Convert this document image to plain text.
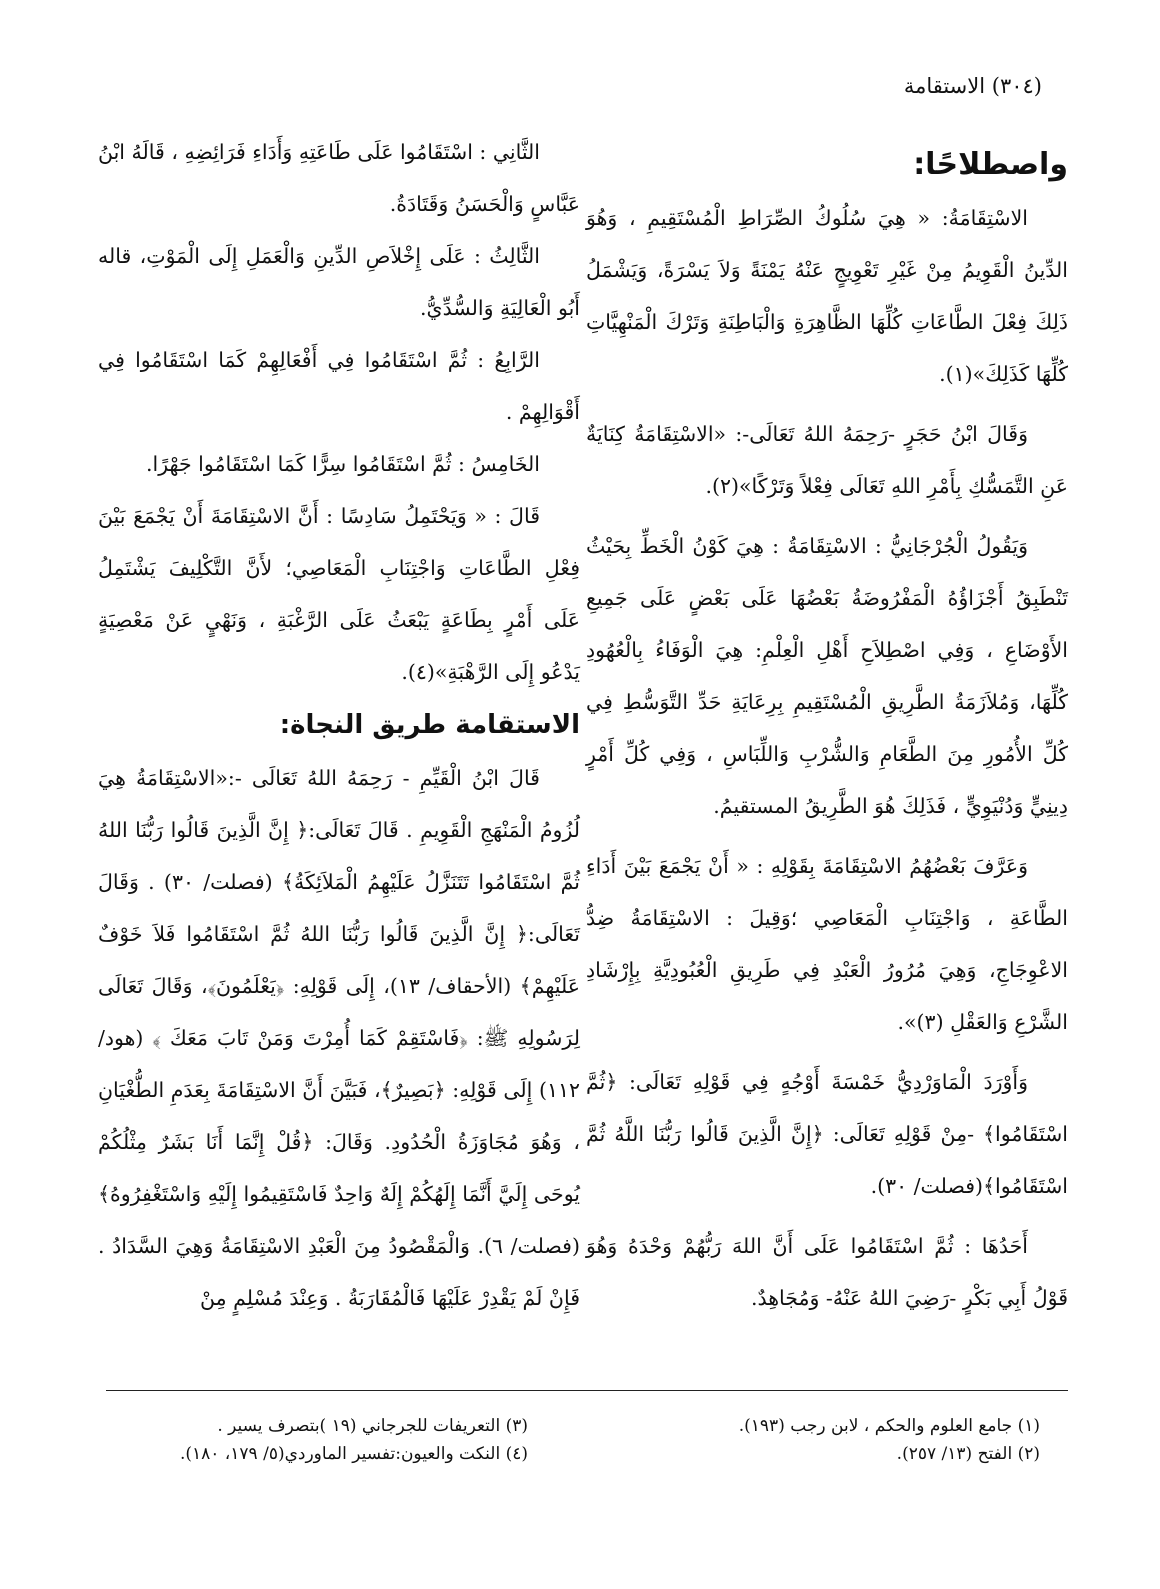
(٣٠٤) الاستقامة
واصطلاحًا:

الاسْتِقَامَةُ: « هِيَ سُلُوكُ الصِّرَاطِ الْمُسْتَقِيمِ ، وَهُوَ الدِّينُ الْقَوِيمُ مِنْ غَيْرِ تَعْوِيجٍ عَنْهُ يَمْنَةً وَلاَ يَسْرَةً، وَيَشْمَلُ ذَلِكَ فِعْلَ الطَّاعَاتِ كُلِّهَا الظَّاهِرَةِ وَالْبَاطِنَةِ وَتَرْكَ الْمَنْهِيَّاتِ كُلِّهَا كَذَلِكَ»(١).

وَقَالَ ابْنُ حَجَرٍ -رَحِمَهُ اللهُ تَعَالَى-: «الاسْتِقَامَةُ كِنَايَةٌ عَنِ التَّمَسُّكِ بِأَمْرِ اللهِ تَعَالَى فِعْلاً وَتَرْكًا»(٢).

وَيَقُولُ الْجُرْجَانِيُّ : الاسْتِقَامَةُ : هِيَ كَوْنُ الْخَطِّ بِحَيْثُ تَنْطَبِقُ أَجْزَاؤُهُ الْمَفْرُوضَةُ بَعْضُهَا عَلَى بَعْضٍ عَلَى جَمِيعِ الأَوْضَاعِ ، وَفِي اصْطِلاَحِ أَهْلِ الْعِلْمِ: هِيَ الْوَفَاءُ بِالْعُهُودِ كُلِّهَا، وَمُلاَزَمَةُ الطَّرِيقِ الْمُسْتَقِيمِ بِرِعَايَةِ حَدِّ التَّوَسُّطِ فِي كُلِّ الأُمُورِ مِنَ الطَّعَامِ وَالشُّرْبِ وَاللِّبَاسِ ، وَفِي كُلِّ أَمْرٍ دِينِيٍّ وَدُنْيَوِيٍّ ، فَذَلِكَ هُوَ الطَّرِيقُ المستقيمُ.

وَعَرَّفَ بَعْضُهُمُ الاسْتِقَامَةَ بِقَوْلِهِ : « أَنْ يَجْمَعَ بَيْنَ أَدَاءِ الطَّاعَةِ ، وَاجْتِنَابِ الْمَعَاصِي ؛وَقِيلَ : الاسْتِقَامَةُ ضِدُّ الاعْوِجَاجِ، وَهِيَ مُرُورُ الْعَبْدِ فِي طَرِيقِ الْعُبُودِيَّةِ بِإِرْشَادِ الشَّرْعِ وَالعَقْلِ (٣)».

وَأَوْرَدَ الْمَاوَرْدِيُّ خَمْسَةَ أَوْجُهٍ فِي قَوْلِهِ تَعَالَى: ﴿ثُمَّ اسْتَقَامُوا﴾ -مِنْ قَوْلِهِ تَعَالَى: ﴿إِنَّ الَّذِينَ قَالُوا رَبُّنَا اللَّهُ ثُمَّ اسْتَقَامُوا﴾(فصلت/ ٣٠).

أَحَدُهَا : ثُمَّ اسْتَقَامُوا عَلَى أَنَّ اللهَ رَبُّهُمْ وَحْدَهُ وَهُوَ قَوْلُ أَبِي بَكْرٍ -رَضِيَ اللهُ عَنْهُ- وَمُجَاهِدٌ.

الثَّانِي : اسْتَقَامُوا عَلَى طَاعَتِهِ وَأَدَاءِ فَرَائِضِهِ ، قَالَهُ ابْنُ عَبَّاسٍ وَالْحَسَنُ وَقَتَادَةُ.

الثَّالِثُ : عَلَى إِخْلاَصِ الدِّينِ وَالْعَمَلِ إِلَى الْمَوْتِ، قاله أَبُو الْعَالِيَةِ وَالسُّدِّيُّ.

الرَّابِعُ : ثُمَّ اسْتَقَامُوا فِي أَفْعَالِهِمْ كَمَا اسْتَقَامُوا فِي أَقْوَالِهِمْ .

الخَامِسُ : ثُمَّ اسْتَقَامُوا سِرًّا كَمَا اسْتَقَامُوا جَهْرًا.

قَالَ : « وَيَحْتَمِلُ سَادِسًا : أَنَّ الاسْتِقَامَةَ أَنْ يَجْمَعَ بَيْنَ فِعْلِ الطَّاعَاتِ وَاجْتِنَابِ الْمَعَاصِي؛ لأَنَّ التَّكْلِيفَ يَشْتَمِلُ عَلَى أَمْرٍ بِطَاعَةٍ يَبْعَثُ عَلَى الرَّغْبَةِ ، وَنَهْيٍ عَنْ مَعْصِيَةٍ يَدْعُو إِلَى الرَّهْبَةِ»(٤).

الاستقامة طريق النجاة:

قَالَ ابْنُ الْقَيِّمِ - رَحِمَهُ اللهُ تَعَالَى -:«الاسْتِقَامَةُ هِيَ لُزُومُ الْمَنْهَجِ الْقَوِيمِ . قَالَ تَعَالَى:﴿ إِنَّ الَّذِينَ قَالُوا رَبُّنَا اللهُ ثُمَّ اسْتَقَامُوا تَتَنَزَّلُ عَلَيْهِمُ الْمَلاَئِكَةُ﴾ (فصلت/ ٣٠) . وَقَالَ تَعَالَى:﴿ إِنَّ الَّذِينَ قَالُوا رَبُّنَا اللهُ ثُمَّ اسْتَقَامُوا فَلاَ خَوْفٌ عَلَيْهِمْ﴾ (الأحقاف/ ١٣)، إِلَى قَوْلِهِ: ﴿يَعْلَمُونَ﴾، وَقَالَ تَعَالَى لِرَسُولِهِ ﷺ: ﴿فَاسْتَقِمْ كَمَا أُمِرْتَ وَمَنْ تَابَ مَعَكَ ﴾ (هود/ ١١٢) إِلَى قَوْلِهِ: ﴿بَصِيرٌ﴾، فَبَيَّنَ أَنَّ الاسْتِقَامَةَ بِعَدَمِ الطُّغْيَانِ ، وَهُوَ مُجَاوَزَةُ الْحُدُودِ. وَقَالَ: ﴿قُلْ إِنَّمَا أَنَا بَشَرٌ مِثْلُكُمْ يُوحَى إِلَيَّ أَنَّمَا إِلَهُكُمْ إِلَهٌ وَاحِدٌ فَاسْتَقِيمُوا إِلَيْهِ وَاسْتَغْفِرُوهُ﴾ (فصلت/ ٦). وَالْمَقْصُودُ مِنَ الْعَبْدِ الاسْتِقَامَةُ وَهِيَ السَّدَادُ . فَإِنْ لَمْ يَقْدِرْ عَلَيْهَا فَالْمُقَارَبَةُ . وَعِنْدَ مُسْلِمٍ مِنْ

(١) جامع العلوم والحكم ، لابن رجب (١٩٣).
(٢) الفتح (١٣/ ٢٥٧).
(٣) التعريفات للجرجاني (١٩ )بتصرف يسير .
(٤) النكت والعيون:تفسير الماوردي(٥/ ١٧٩، ١٨٠).
